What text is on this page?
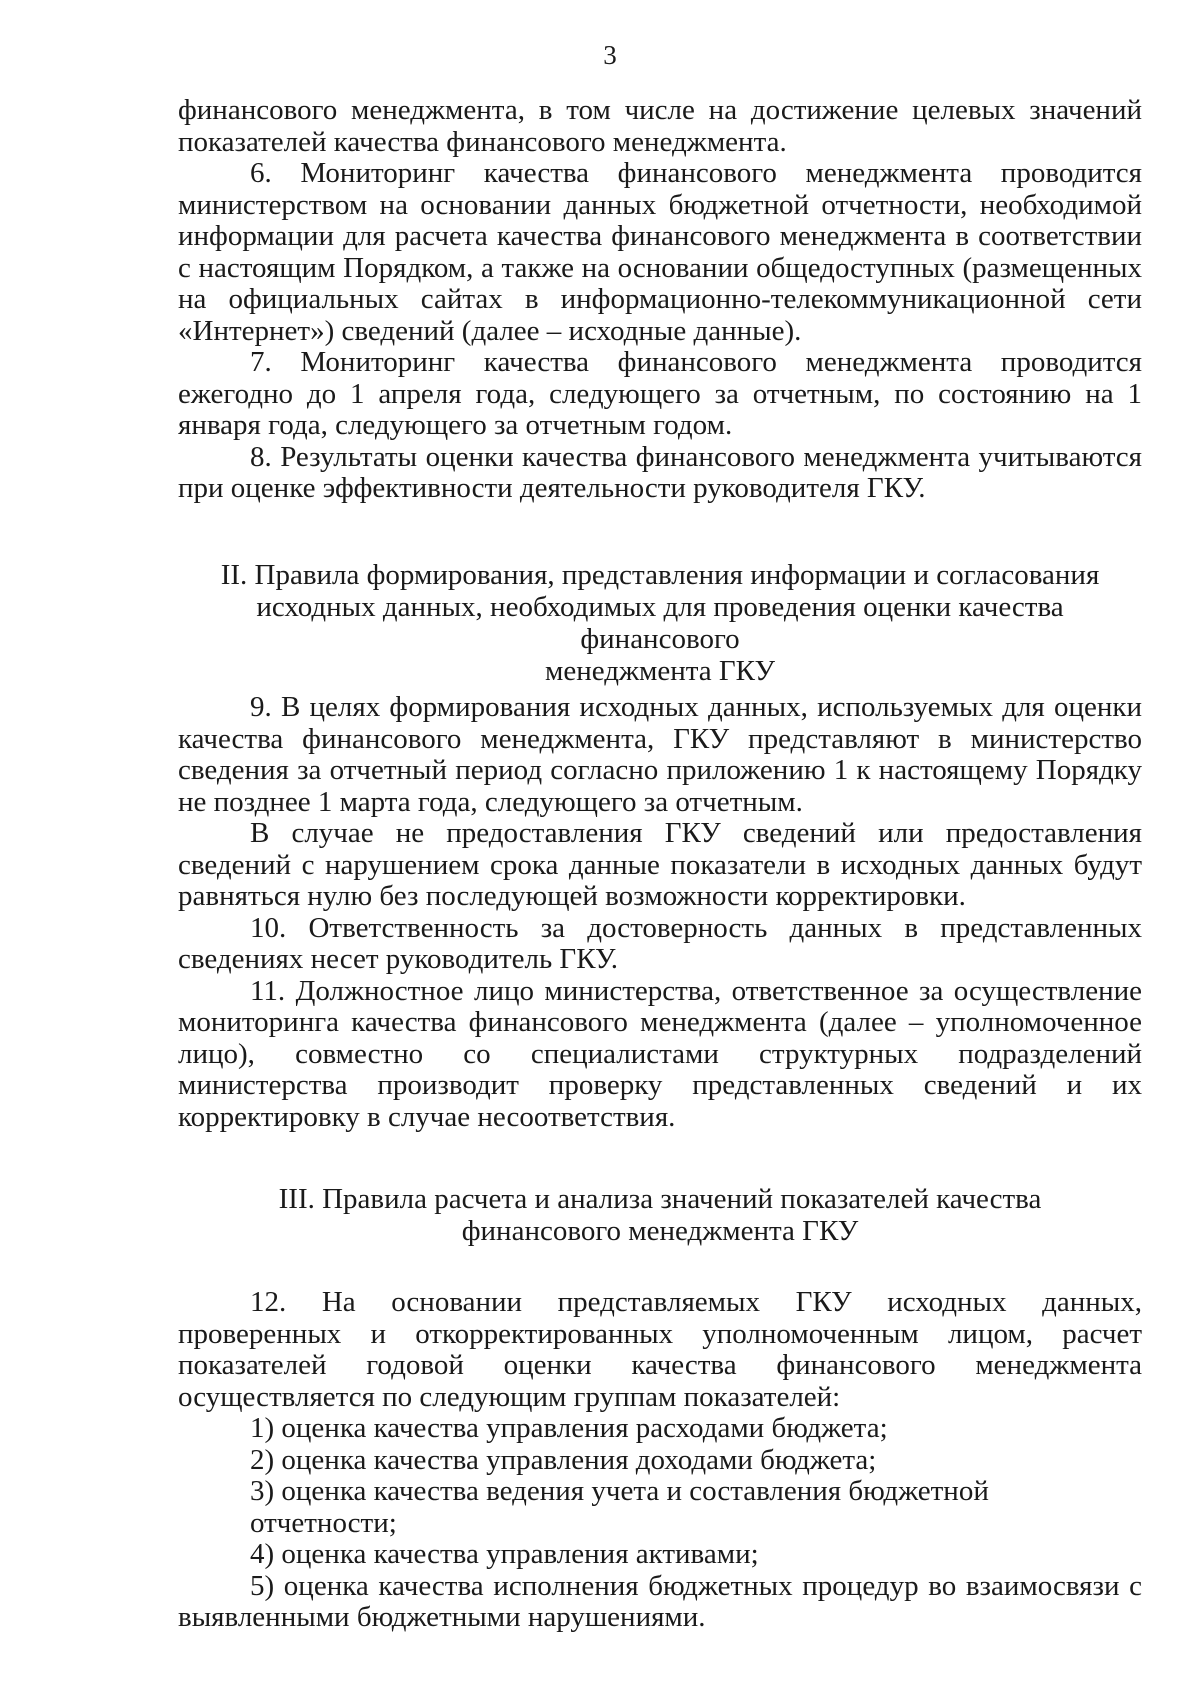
3

финансового менеджмента, в том числе на достижение целевых значений показателей качества финансового менеджмента.

6. Мониторинг качества финансового менеджмента проводится министерством на основании данных бюджетной отчетности, необходимой информации для расчета качества финансового менеджмента в соответствии с настоящим Порядком, а также на основании общедоступных (размещенных на официальных сайтах в информационно-телекоммуникационной сети «Интернет») сведений (далее – исходные данные).

7. Мониторинг качества финансового менеджмента проводится ежегодно до 1 апреля года, следующего за отчетным, по состоянию на 1 января года, следующего за отчетным годом.

8. Результаты оценки качества финансового менеджмента учитываются при оценке эффективности деятельности руководителя ГКУ.

II. Правила формирования, представления информации и согласования
исходных данных, необходимых для проведения оценки качества финансового
менеджмента ГКУ

9. В целях формирования исходных данных, используемых для оценки качества финансового менеджмента, ГКУ представляют в министерство сведения за отчетный период согласно приложению 1 к настоящему Порядку не позднее 1 марта года, следующего за отчетным.

В случае не предоставления ГКУ сведений или предоставления сведений с нарушением срока данные показатели в исходных данных будут равняться нулю без последующей возможности корректировки.

10. Ответственность за достоверность данных в представленных сведениях несет руководитель ГКУ.

11. Должностное лицо министерства, ответственное за осуществление мониторинга качества финансового менеджмента (далее – уполномоченное лицо), совместно со специалистами структурных подразделений министерства производит проверку представленных сведений и их корректировку в случае несоответствия.

III. Правила расчета и анализа значений показателей качества
финансового менеджмента ГКУ

12. На основании представляемых ГКУ исходных данных, проверенных и откорректированных уполномоченным лицом, расчет показателей годовой оценки качества финансового менеджмента осуществляется по следующим группам показателей:

1) оценка качества управления расходами бюджета;

2) оценка качества управления доходами бюджета;

3) оценка качества ведения учета и составления бюджетной отчетности;

4) оценка качества управления активами;

5) оценка качества исполнения бюджетных процедур во взаимосвязи с выявленными бюджетными нарушениями.
